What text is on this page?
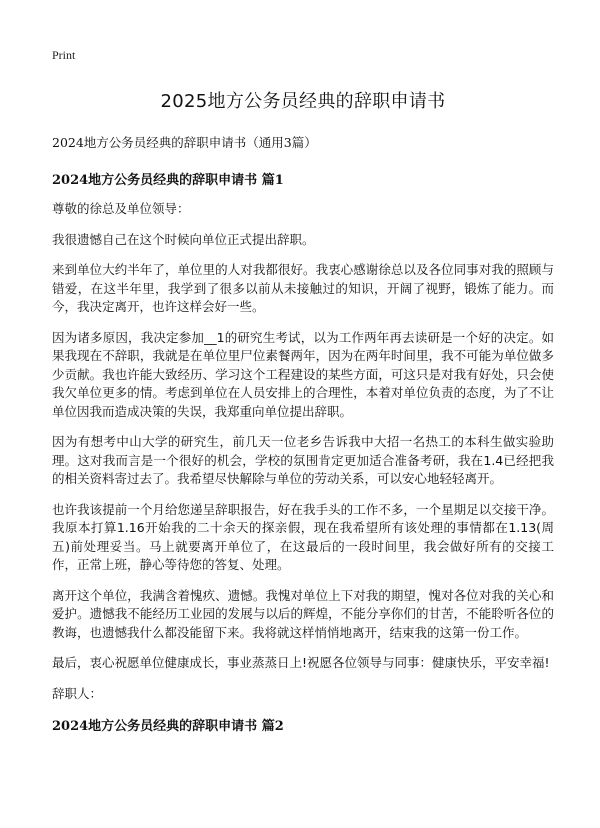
Print
2025地方公务员经典的辞职申请书

2024地方公务员经典的辞职申请书（通用3篇）

2024地方公务员经典的辞职申请书 篇1

尊敬的徐总及单位领导：

我很遗憾自己在这个时候向单位正式提出辞职。

来到单位大约半年了，单位里的人对我都很好。我衷心感谢徐总以及各位同事对我的照顾与错爱，在这半年里，我学到了很多以前从未接触过的知识，开阔了视野，锻炼了能力。而今，我决定离开，也许这样会好一些。

因为诸多原因，我决定参加__1的研究生考试，以为工作两年再去读研是一个好的决定。如果我现在不辞职，我就是在单位里尸位素餐两年，因为在两年时间里，我不可能为单位做多少贡献。我也许能大致经历、学习这个工程建设的某些方面，可这只是对我有好处，只会使我欠单位更多的情。考虑到单位在人员安排上的合理性，本着对单位负责的态度，为了不让单位因我而造成决策的失误，我郑重向单位提出辞职。

因为有想考中山大学的研究生，前几天一位老乡告诉我中大招一名热工的本科生做实验助理。这对我而言是一个很好的机会，学校的氛围肯定更加适合准备考研，我在1.4已经把我的相关资料寄过去了。我希望尽快解除与单位的劳动关系，可以安心地轻轻离开。

也许我该提前一个月给您递呈辞职报告，好在我手头的工作不多，一个星期足以交接干净。我原本打算1.16开始我的二十余天的探亲假，现在我希望所有该处理的事情都在1.13(周五)前处理妥当。马上就要离开单位了，在这最后的一段时间里，我会做好所有的交接工作，正常上班，静心等待您的答复、处理。

离开这个单位，我满含着愧疚、遗憾。我愧对单位上下对我的期望，愧对各位对我的关心和爱护。遗憾我不能经历工业园的发展与以后的辉煌，不能分享你们的甘苦，不能聆听各位的教诲，也遗憾我什么都没能留下来。我将就这样悄悄地离开，结束我的这第一份工作。

最后，衷心祝愿单位健康成长，事业蒸蒸日上!祝愿各位领导与同事：健康快乐，平安幸福!

辞职人：

2024地方公务员经典的辞职申请书 篇2
